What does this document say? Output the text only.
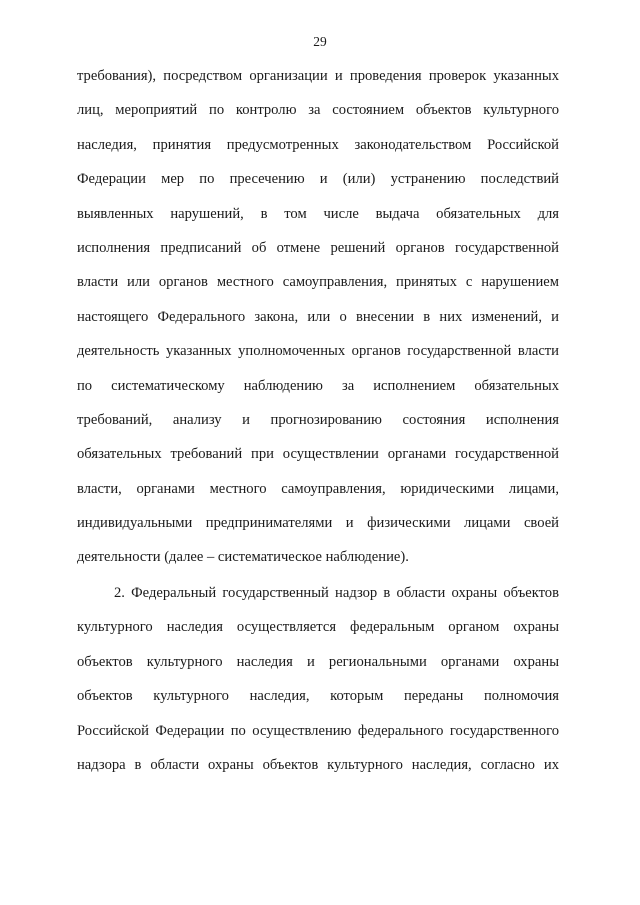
29
требования), посредством организации и проведения проверок указанных
лиц, мероприятий по контролю за состоянием объектов культурного
наследия, принятия предусмотренных законодательством Российской
Федерации мер по пресечению и (или) устранению последствий
выявленных нарушений, в том числе выдача обязательных для
исполнения предписаний об отмене решений органов государственной
власти или органов местного самоуправления, принятых с нарушением
настоящего Федерального закона, или о внесении в них изменений, и
деятельность указанных уполномоченных органов государственной власти
по систематическому наблюдению за исполнением обязательных
требований, анализу и прогнозированию состояния исполнения
обязательных требований при осуществлении органами государственной
власти, органами местного самоуправления, юридическими лицами,
индивидуальными предпринимателями и физическими лицами своей
деятельности (далее – систематическое наблюдение).
2. Федеральный государственный надзор в области охраны объектов
культурного наследия осуществляется федеральным органом охраны
объектов культурного наследия и региональными органами охраны
объектов культурного наследия, которым переданы полномочия
Российской Федерации по осуществлению федерального государственного
надзора в области охраны объектов культурного наследия, согласно их
